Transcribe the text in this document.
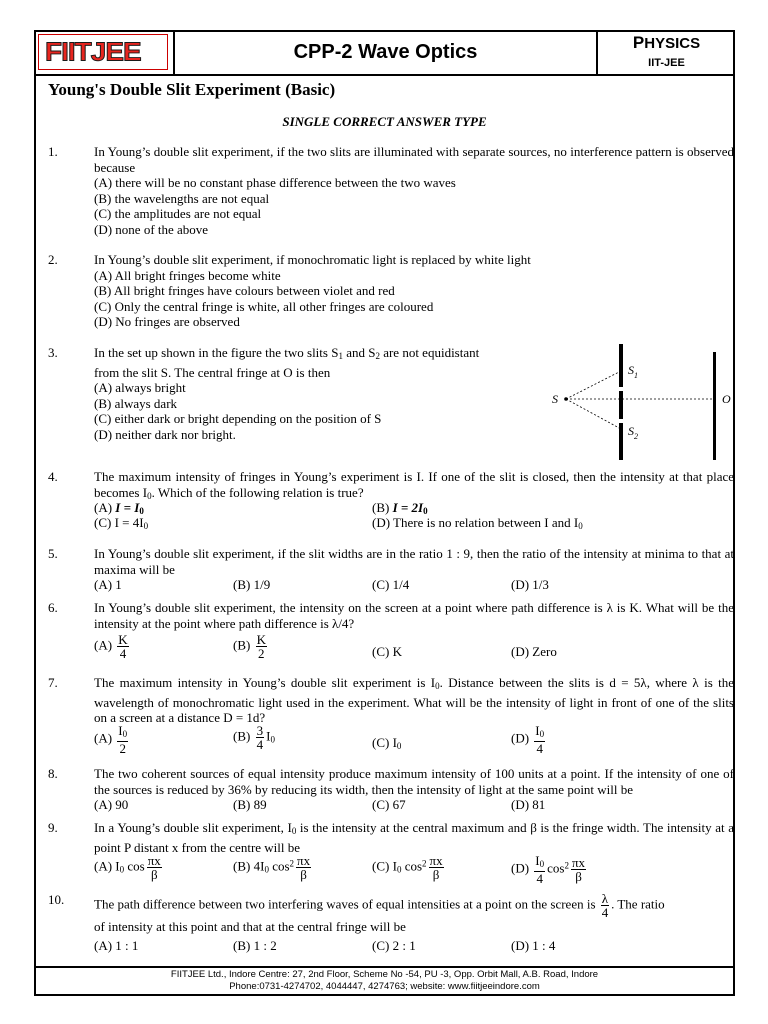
FIITJEE	CPP-2 Wave Optics	PHYSICS
IIT-JEE
Young's Double Slit Experiment (Basic)
SINGLE CORRECT ANSWER TYPE
1.	In Young’s double slit experiment, if the two slits are illuminated with separate sources, no interference pattern is observed because
(A) there will be no constant phase difference between the two waves
(B) the wavelengths are not equal
(C) the amplitudes are not equal
(D) none of the above
2.	In Young’s double slit experiment, if monochromatic light is replaced by white light
(A) All bright fringes become white
(B) All bright fringes have colours between violet and red
(C) Only the central fringe is white, all other fringes are coloured
(D) No fringes are observed
3.	In the set up shown in the figure the two slits $S_1$ and $S_2$ are not equidistant
from the slit S. The central fringe at O is then
(A) always bright
(B) always dark
(C) either dark or bright depending on the position of S
(D) neither dark nor bright.
S
$S_1$
$S_2$
O
4.	The maximum intensity of fringes in Young’s experiment is I. If one of the slit is closed, then the intensity at that place becomes $I_0$. Which of the following relation is true?
(A) $I = I_0$	(B) $I = 2I_0$
(C) $I = 4I_0$	(D) There is no relation between I and $I_0$
5.	In Young’s double slit experiment, if the slit widths are in the ratio 1 : 9, then the ratio of the intensity at minima to that at maxima will be
(A) 1	(B) 1/9	(C) 1/4	(D) 1/3
6.	In Young’s double slit experiment, the intensity on the screen at a point where path difference is λ is K. What will be the intensity at the point where path difference is λ/4?
$(A) \frac{K}{4}$	$(B) \frac{K}{2}$	(C) K	(D) Zero
7.	The maximum intensity in Young’s double slit experiment is $I_0$. Distance between the slits is d = 5λ, where λ is the wavelength of monochromatic light used in the experiment. What will be the intensity of light in front of one of the slits on a screen at a distance D = 1d?
$(A) \frac{I_0}{2}$	$(B) \frac{3}{4} I_0$	(C) $I_0$
$(D) \frac{I_0}{4}$
8.	The two coherent sources of equal intensity produce maximum intensity of 100 units at a point. If the intensity of one of the sources is reduced by 36% by reducing its width, then the intensity of light at the same point will be
(A) 90	(B) 89	(C) 67	(D) 81
9.	In a Young’s double slit experiment, $I_0$ is the intensity at the central maximum and β is the fringe width. The intensity at a point P distant x from the centre will be
(A) $I_0$ $\cos \frac{\pi x}{\beta}$	(B) $4I_0$ $\cos^2 \frac{\pi x}{\beta}$	(C) $I_0$ $\cos^2 \frac{\pi x}{\beta}$	$(D) \frac{I_0}{4} \cos^2 \frac{\pi x}{\beta}$
10. The path difference between two interfering waves of equal intensities at a point on the screen is $\frac{\lambda}{4}$ . The ratio
of intensity at this point and that at the central fringe will be
(A) 1 : 1	(B) 1 : 2	(C) 2 : 1	(D) 1 : 4
FIITJEE Ltd., Indore Centre: 27, 2nd Floor, Scheme No -54, PU -3, Opp. Orbit Mall, A.B. Road, Indore
Phone:0731-4274702, 4044447, 4274763; website: www.fiitjeeindore.com
